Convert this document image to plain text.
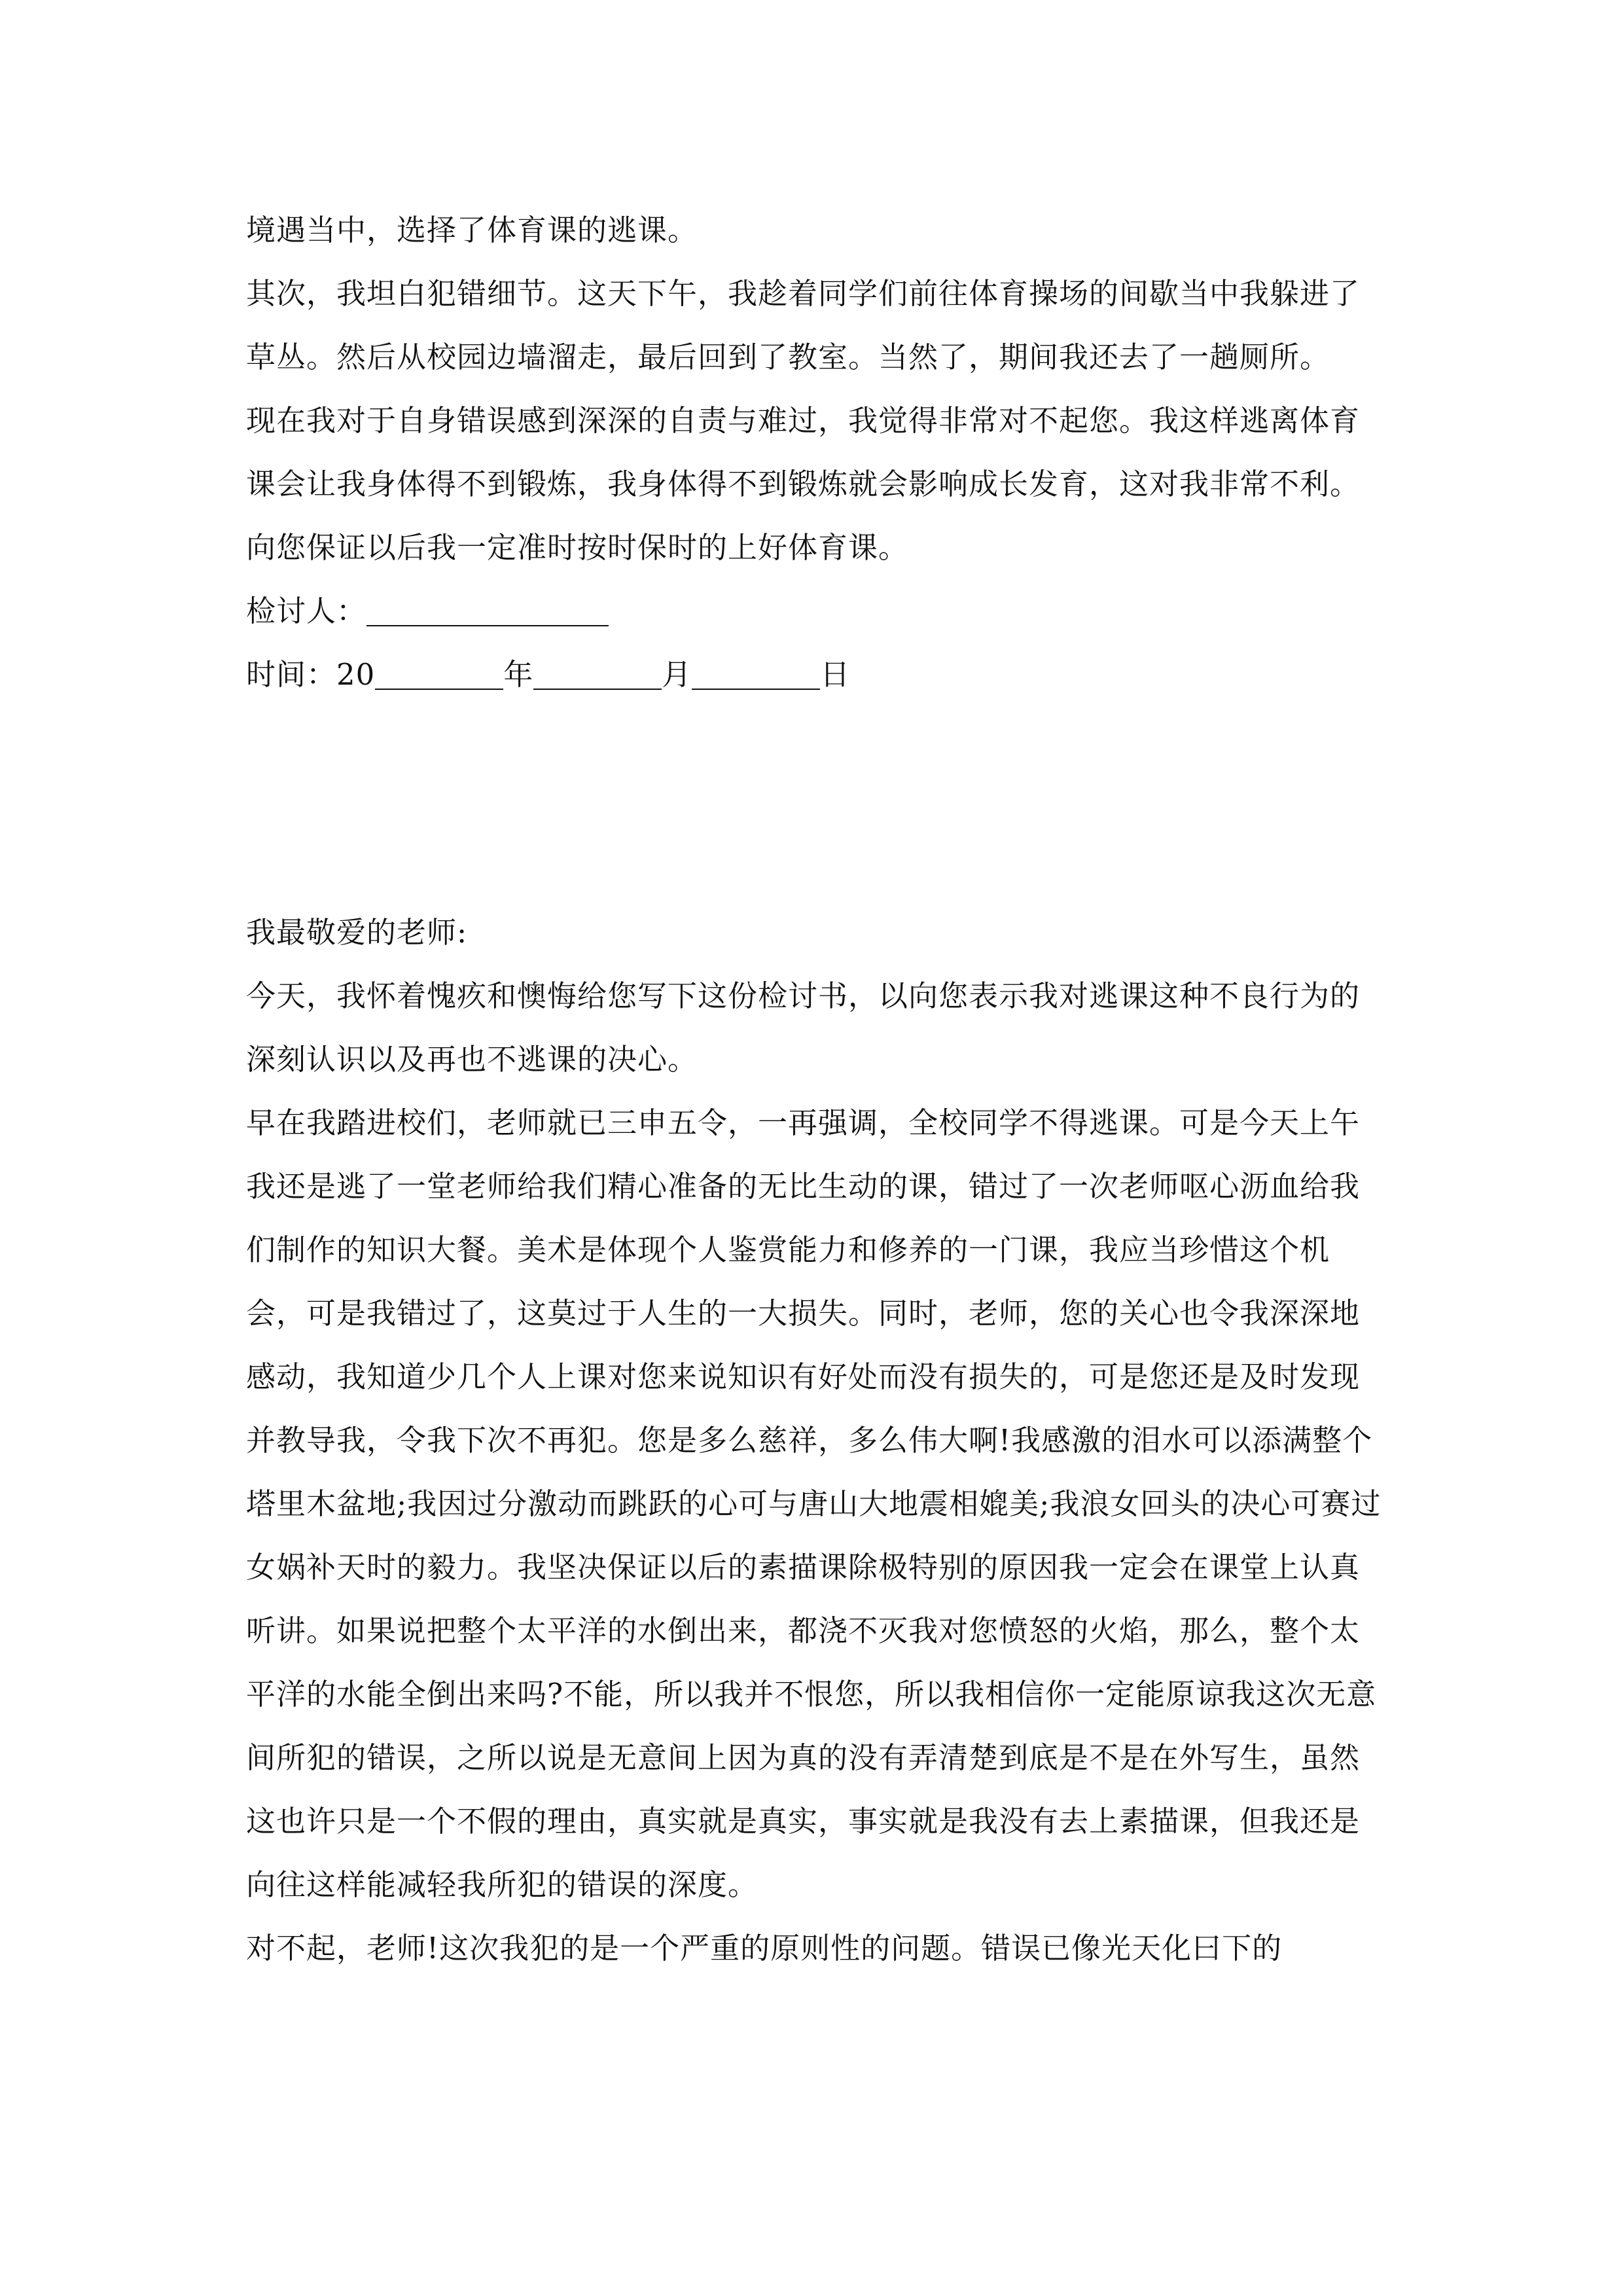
境遇当中，选择了体育课的逃课。

其次，我坦白犯错细节。这天下午，我趁着同学们前往体育操场的间歇当中我躲进了草丛。然后从校园边墙溜走，最后回到了教室。当然了，期间我还去了一趟厕所。

现在我对于自身错误感到深深的自责与难过，我觉得非常对不起您。我这样逃离体育课会让我身体得不到锻炼，我身体得不到锻炼就会影响成长发育，这对我非常不利。

向您保证以后我一定准时按时保时的上好体育课。

检讨人：

时间：20	年	月	日

我最敬爱的老师:

今天，我怀着愧疚和懊悔给您写下这份检讨书，以向您表示我对逃课这种不良行为的深刻认识以及再也不逃课的决心。

早在我踏进校们，老师就已三申五令，一再强调，全校同学不得逃课。可是今天上午我还是逃了一堂老师给我们精心准备的无比生动的课，错过了一次老师呕心沥血给我们制作的知识大餐。美术是体现个人鉴赏能力和修养的一门课，我应当珍惜这个机会，可是我错过了，这莫过于人生的一大损失。同时，老师，您的关心也令我深深地感动，我知道少几个人上课对您来说知识有好处而没有损失的，可是您还是及时发现并教导我，令我下次不再犯。您是多么慈祥，多么伟大啊!我感激的泪水可以添满整个塔里木盆地;我因过分激动而跳跃的心可与唐山大地震相媲美;我浪女回头的决心可赛过女娲补天时的毅力。我坚决保证以后的素描课除极特别的原因我一定会在课堂上认真听讲。如果说把整个太平洋的水倒出来，都浇不灭我对您愤怒的火焰，那么，整个太平洋的水能全倒出来吗?不能，所以我并不恨您，所以我相信你一定能原谅我这次无意间所犯的错误，之所以说是无意间上因为真的没有弄清楚到底是不是在外写生，虽然这也许只是一个不假的理由，真实就是真实，事实就是我没有去上素描课，但我还是向往这样能减轻我所犯的错误的深度。

对不起，老师!这次我犯的是一个严重的原则性的问题。错误已像光天化曰下的
